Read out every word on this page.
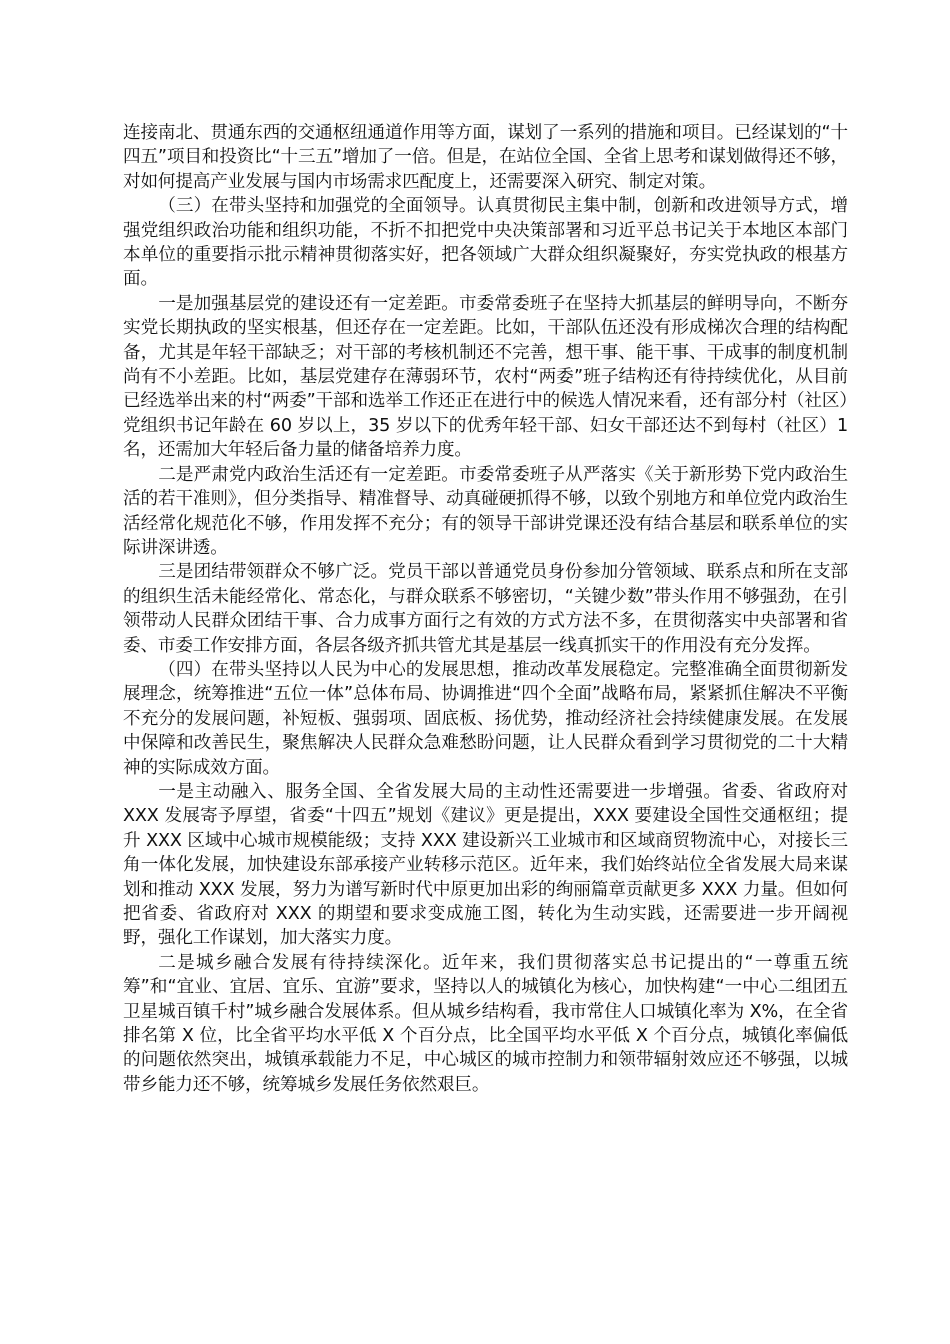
连接南北、贯通东西的交通枢纽通道作用等方面，谋划了一系列的措施和项目。已经谋划的“十四五”项目和投资比“十三五”增加了一倍。但是，在站位全国、全省上思考和谋划做得还不够，对如何提高产业发展与国内市场需求匹配度上，还需要深入研究、制定对策。

（三）在带头坚持和加强党的全面领导。认真贯彻民主集中制，创新和改进领导方式，增强党组织政治功能和组织功能，不折不扣把党中央决策部署和习近平总书记关于本地区本部门本单位的重要指示批示精神贯彻落实好，把各领域广大群众组织凝聚好，夯实党执政的根基方面。

一是加强基层党的建设还有一定差距。市委常委班子在坚持大抓基层的鲜明导向，不断夯实党长期执政的坚实根基，但还存在一定差距。比如，干部队伍还没有形成梯次合理的结构配备，尤其是年轻干部缺乏；对干部的考核机制还不完善，想干事、能干事、干成事的制度机制尚有不小差距。比如，基层党建存在薄弱环节，农村“两委”班子结构还有待持续优化，从目前已经选举出来的村“两委”干部和选举工作还正在进行中的候选人情况来看，还有部分村（社区）党组织书记年龄在 60 岁以上，35 岁以下的优秀年轻干部、妇女干部还达不到每村（社区）1 名，还需加大年轻后备力量的储备培养力度。

二是严肃党内政治生活还有一定差距。市委常委班子从严落实《关于新形势下党内政治生活的若干准则》，但分类指导、精准督导、动真碰硬抓得不够，以致个别地方和单位党内政治生活经常化规范化不够，作用发挥不充分；有的领导干部讲党课还没有结合基层和联系单位的实际讲深讲透。

三是团结带领群众不够广泛。党员干部以普通党员身份参加分管领域、联系点和所在支部的组织生活未能经常化、常态化，与群众联系不够密切，“关键少数”带头作用不够强劲，在引领带动人民群众团结干事、合力成事方面行之有效的方式方法不多，在贯彻落实中央部署和省委、市委工作安排方面，各层各级齐抓共管尤其是基层一线真抓实干的作用没有充分发挥。

（四）在带头坚持以人民为中心的发展思想，推动改革发展稳定。完整准确全面贯彻新发展理念，统筹推进“五位一体”总体布局、协调推进“四个全面”战略布局，紧紧抓住解决不平衡不充分的发展问题，补短板、强弱项、固底板、扬优势，推动经济社会持续健康发展。在发展中保障和改善民生，聚焦解决人民群众急难愁盼问题，让人民群众看到学习贯彻党的二十大精神的实际成效方面。

一是主动融入、服务全国、全省发展大局的主动性还需要进一步增强。省委、省政府对 XXX 发展寄予厚望，省委“十四五”规划《建议》更是提出，XXX 要建设全国性交通枢纽；提升 XXX 区域中心城市规模能级；支持 XXX 建设新兴工业城市和区域商贸物流中心，对接长三角一体化发展，加快建设东部承接产业转移示范区。近年来，我们始终站位全省发展大局来谋划和推动 XXX 发展，努力为谱写新时代中原更加出彩的绚丽篇章贡献更多 XXX 力量。但如何把省委、省政府对 XXX 的期望和要求变成施工图，转化为生动实践，还需要进一步开阔视野，强化工作谋划，加大落实力度。

二是城乡融合发展有待持续深化。近年来，我们贯彻落实总书记提出的“一尊重五统筹”和“宜业、宜居、宜乐、宜游”要求，坚持以人的城镇化为核心，加快构建“一中心二组团五卫星城百镇千村”城乡融合发展体系。但从城乡结构看，我市常住人口城镇化率为 X%，在全省排名第 X 位，比全省平均水平低 X 个百分点，比全国平均水平低 X 个百分点，城镇化率偏低的问题依然突出，城镇承载能力不足，中心城区的城市控制力和领带辐射效应还不够强，以城带乡能力还不够，统筹城乡发展任务依然艰巨。
